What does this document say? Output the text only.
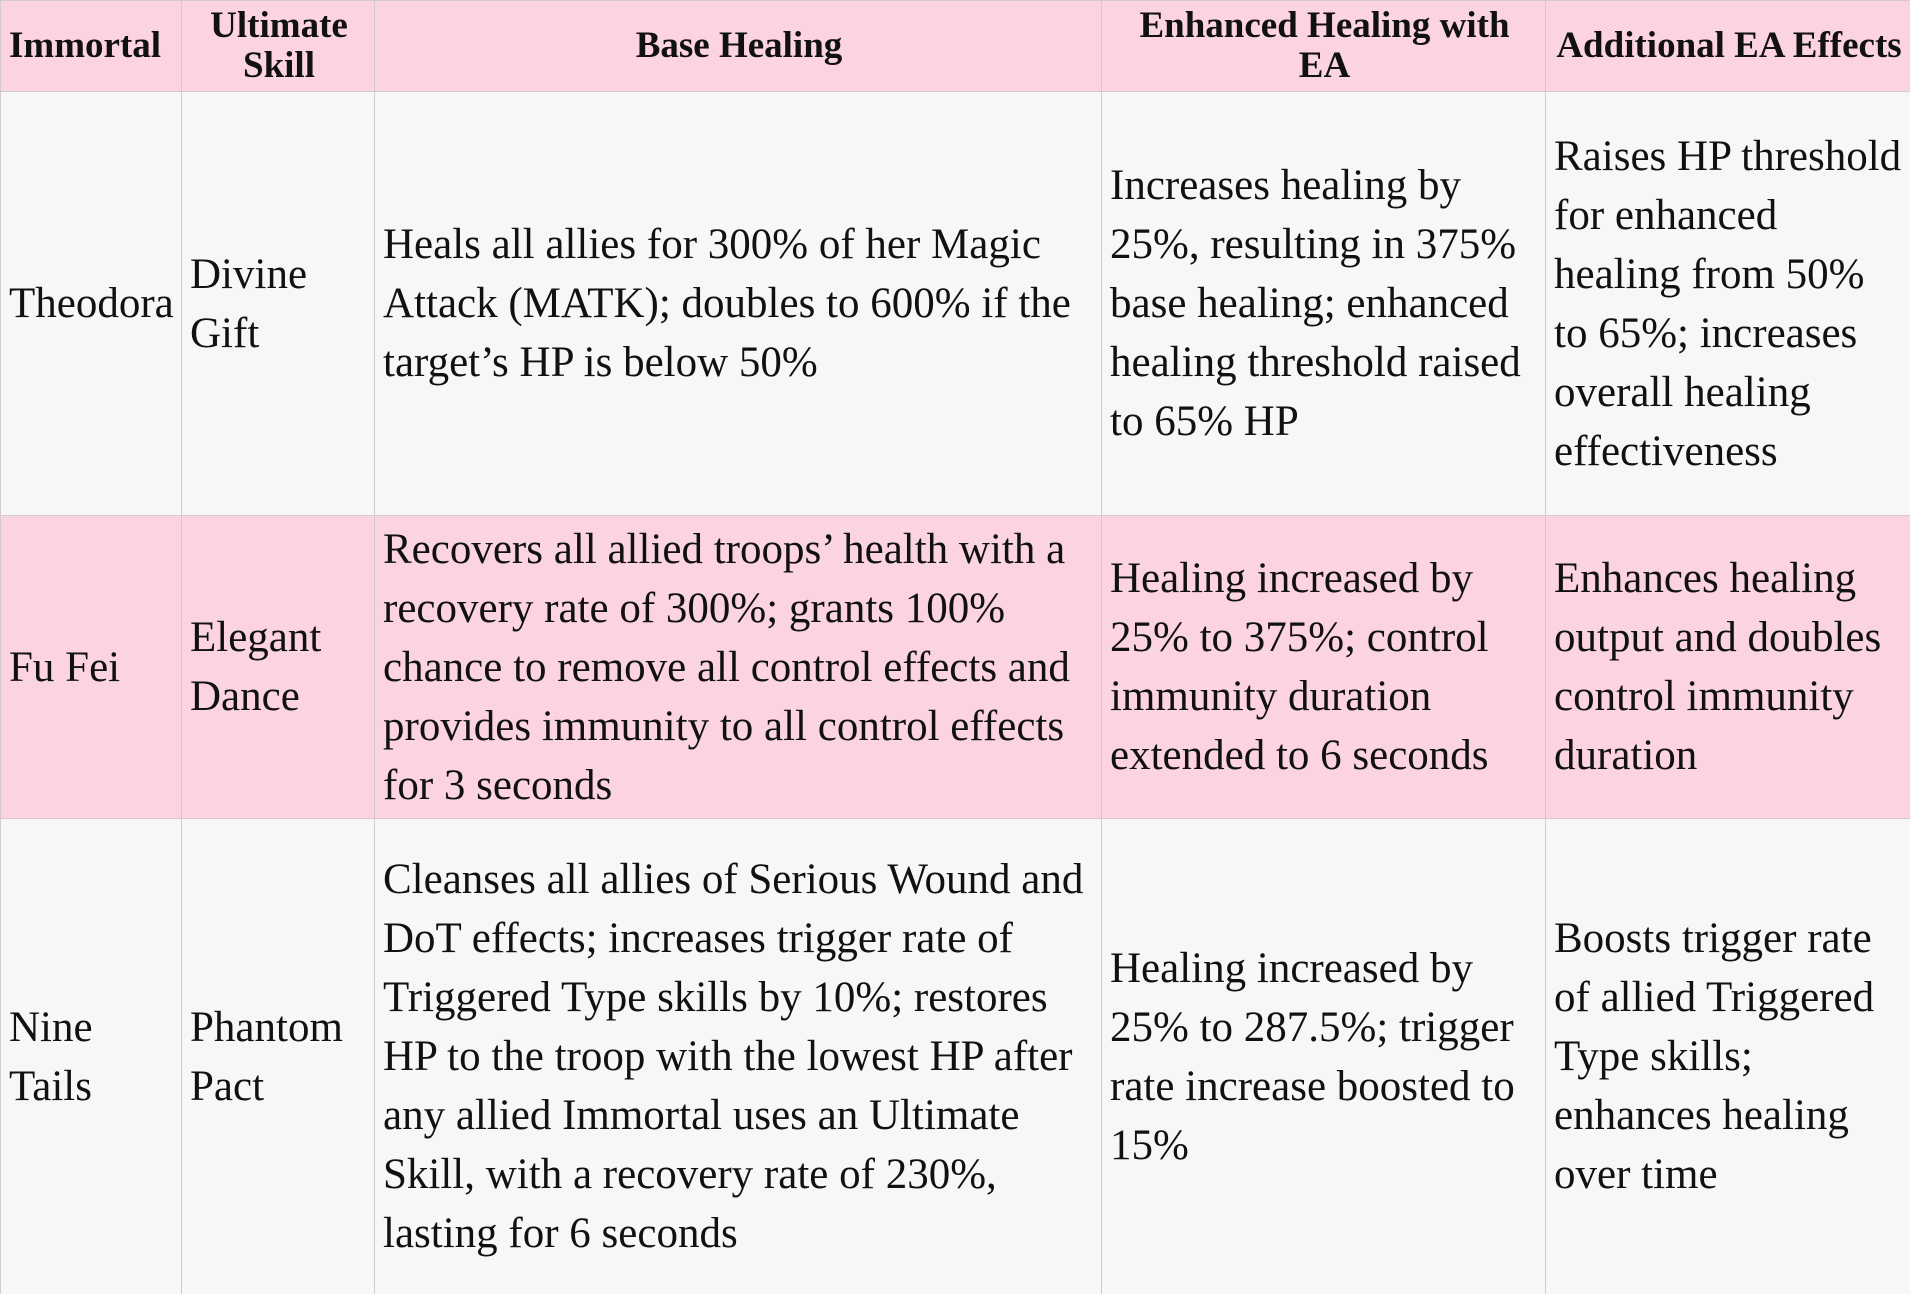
Immortal	Ultimate Skill	Base Healing	Enhanced Healing with EA	Additional EA Effects
Theodora	Divine Gift	Heals all allies for 300% of her Magic Attack (MATK); doubles to 600% if the target’s HP is below 50%	Increases healing by 25%, resulting in 375% base healing; enhanced healing threshold raised to 65% HP	Raises HP threshold for enhanced healing from 50% to 65%; increases overall healing effectiveness
Fu Fei	Elegant Dance	Recovers all allied troops’ health with a recovery rate of 300%; grants 100% chance to remove all control effects and provides immunity to all control effects for 3 seconds	Healing increased by 25% to 375%; control immunity duration extended to 6 seconds	Enhances healing output and doubles control immunity duration
Nine Tails	Phantom Pact	Cleanses all allies of Serious Wound and DoT effects; increases trigger rate of Triggered Type skills by 10%; restores HP to the troop with the lowest HP after any allied Immortal uses an Ultimate Skill, with a recovery rate of 230%, lasting for 6 seconds	Healing increased by 25% to 287.5%; trigger rate increase boosted to 15%	Boosts trigger rate of allied Triggered Type skills; enhances healing over time
